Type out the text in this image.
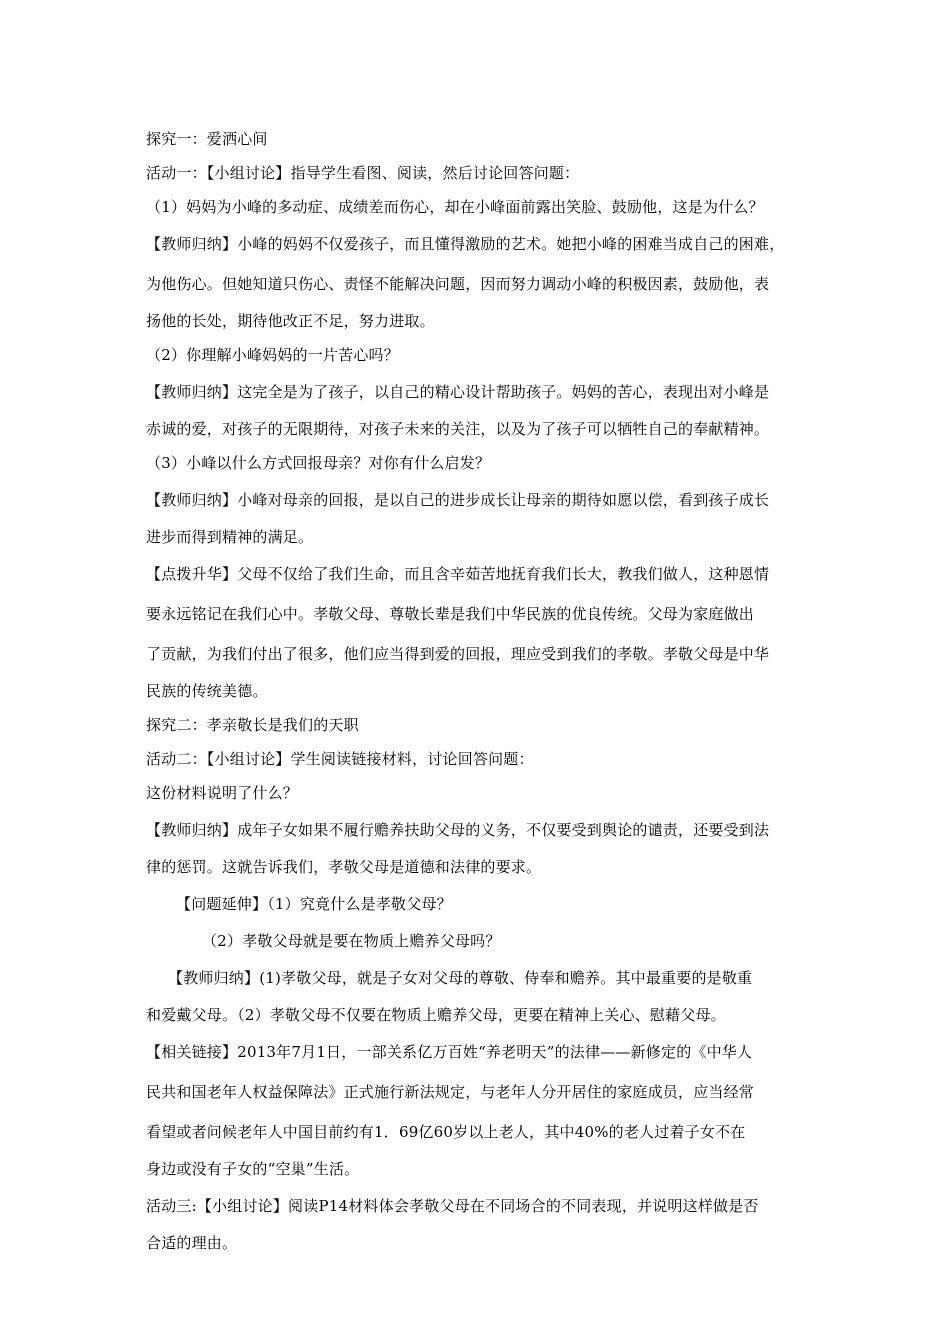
探究一：爱洒心间
活动一：【小组讨论】指导学生看图、阅读，然后讨论回答问题：
（1）妈妈为小峰的多动症、成绩差而伤心，却在小峰面前露出笑脸、鼓励他，这是为什么？
【教师归纳】小峰的妈妈不仅爱孩子，而且懂得激励的艺术。她把小峰的困难当成自己的困难，
为他伤心。但她知道只伤心、责怪不能解决问题，因而努力调动小峰的积极因素，鼓励他，表
扬他的长处，期待他改正不足，努力进取。
（2）你理解小峰妈妈的一片苦心吗？
【教师归纳】这完全是为了孩子，以自己的精心设计帮助孩子。妈妈的苦心，表现出对小峰是
赤诚的爱，对孩子的无限期待，对孩子未来的关注，以及为了孩子可以牺牲自己的奉献精神。
（3）小峰以什么方式回报母亲？对你有什么启发？
【教师归纳】小峰对母亲的回报，是以自己的进步成长让母亲的期待如愿以偿，看到孩子成长
进步而得到精神的满足。
【点拨升华】父母不仅给了我们生命，而且含辛茹苦地抚育我们长大，教我们做人，这种恩情
要永远铭记在我们心中。孝敬父母、尊敬长辈是我们中华民族的优良传统。父母为家庭做出
了贡献，为我们付出了很多，他们应当得到爱的回报，理应受到我们的孝敬。孝敬父母是中华
民族的传统美德。
探究二：孝亲敬长是我们的天职
活动二：【小组讨论】学生阅读链接材料，讨论回答问题：
这份材料说明了什么？
【教师归纳】成年子女如果不履行赡养扶助父母的义务，不仅要受到舆论的谴责，还要受到法
律的惩罚。这就告诉我们，孝敬父母是道德和法律的要求。
【问题延伸】（1）究竟什么是孝敬父母？
（2）孝敬父母就是要在物质上赡养父母吗？
【教师归纳】(1)孝敬父母，就是子女对父母的尊敬、侍奉和赡养。其中最重要的是敬重
和爱戴父母。（2）孝敬父母不仅要在物质上赡养父母，更要在精神上关心、慰藉父母。
【相关链接】2013年7月1日，一部关系亿万百姓“养老明天”的法律——新修定的《中华人
民共和国老年人权益保障法》正式施行新法规定，与老年人分开居住的家庭成员，应当经常
看望或者问候老年人中国目前约有1．69亿60岁以上老人，其中40%的老人过着子女不在
身边或没有子女的“空巢”生活。
活动三:【小组讨论】阅读P14材料体会孝敬父母在不同场合的不同表现，并说明这样做是否
合适的理由。
